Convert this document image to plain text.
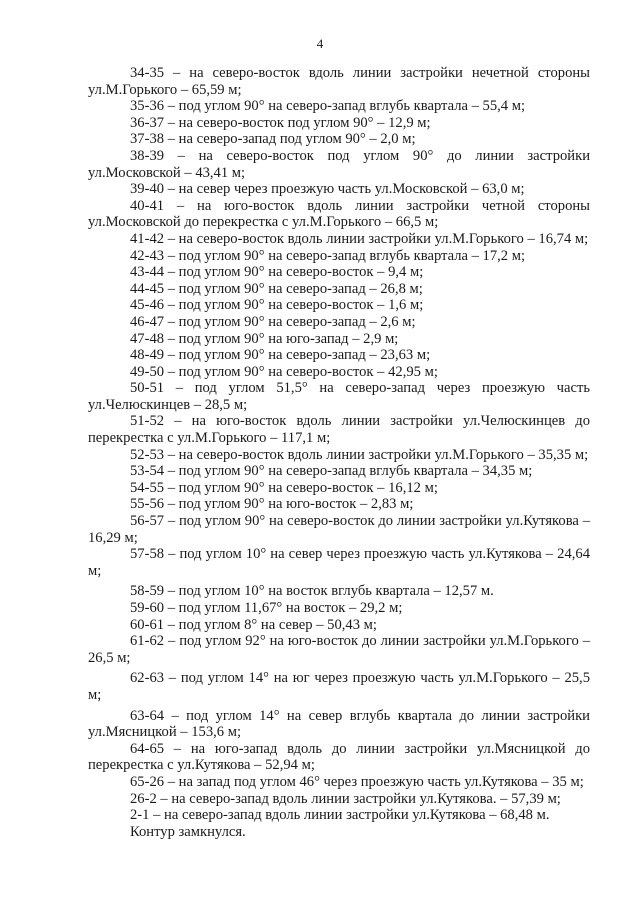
4

34-35 – на северо-восток вдоль линии застройки нечетной стороны ул.М.Горького – 65,59 м;

35-36 – под углом 90° на северо-запад вглубь квартала – 55,4 м;

36-37 – на северо-восток под углом 90° – 12,9 м;

37-38 – на северо-запад под углом 90° – 2,0 м;

38-39 – на северо-восток под углом 90° до линии застройки ул.Московской – 43,41 м;

39-40 – на север через проезжую часть ул.Московской – 63,0 м;

40-41 – на юго-восток вдоль линии застройки четной стороны ул.Московской до перекрестка с ул.М.Горького – 66,5 м;

41-42 – на северо-восток вдоль линии застройки ул.М.Горького – 16,74 м;

42-43 – под углом 90° на северо-запад вглубь квартала – 17,2 м;

43-44 – под углом 90° на северо-восток – 9,4 м;

44-45 – под углом 90° на северо-запад – 26,8 м;

45-46 – под углом 90° на северо-восток – 1,6 м;

46-47 – под углом 90° на северо-запад – 2,6 м;

47-48 – под углом 90° на юго-запад – 2,9 м;

48-49 – под углом 90° на северо-запад – 23,63 м;

49-50 – под углом 90° на северо-восток – 42,95 м;

50-51 – под углом 51,5° на северо-запад через проезжую часть ул.Челюскинцев – 28,5 м;

51-52 – на юго-восток вдоль линии застройки ул.Челюскинцев до перекрестка с ул.М.Горького – 117,1 м;

52-53 – на северо-восток вдоль линии застройки ул.М.Горького – 35,35 м;

53-54 – под углом 90° на северо-запад вглубь квартала – 34,35 м;

54-55 – под углом 90° на северо-восток – 16,12 м;

55-56 – под углом 90° на юго-восток – 2,83 м;

56-57 – под углом 90° на северо-восток до линии застройки ул.Кутякова – 16,29 м;

57-58 – под углом 10° на север через проезжую часть ул.Кутякова – 24,64 м;

58-59 – под углом 10° на восток вглубь квартала – 12,57 м.

59-60 – под углом 11,67° на восток – 29,2 м;

60-61 – под углом 8° на север – 50,43 м;

61-62 – под углом 92° на юго-восток до линии застройки ул.М.Горького – 26,5 м;

62-63 – под углом 14° на юг через проезжую часть ул.М.Горького – 25,5 м;

63-64 – под углом 14° на север вглубь квартала до линии застройки ул.Мясницкой – 153,6 м;

64-65 – на юго-запад вдоль до линии застройки ул.Мясницкой до перекрестка с ул.Кутякова – 52,94 м;

65-26 – на запад под углом 46° через проезжую часть ул.Кутякова – 35 м;

26-2 – на северо-запад вдоль линии застройки ул.Кутякова. – 57,39 м;

2-1 – на северо-запад вдоль линии застройки ул.Кутякова – 68,48 м.

Контур замкнулся.
